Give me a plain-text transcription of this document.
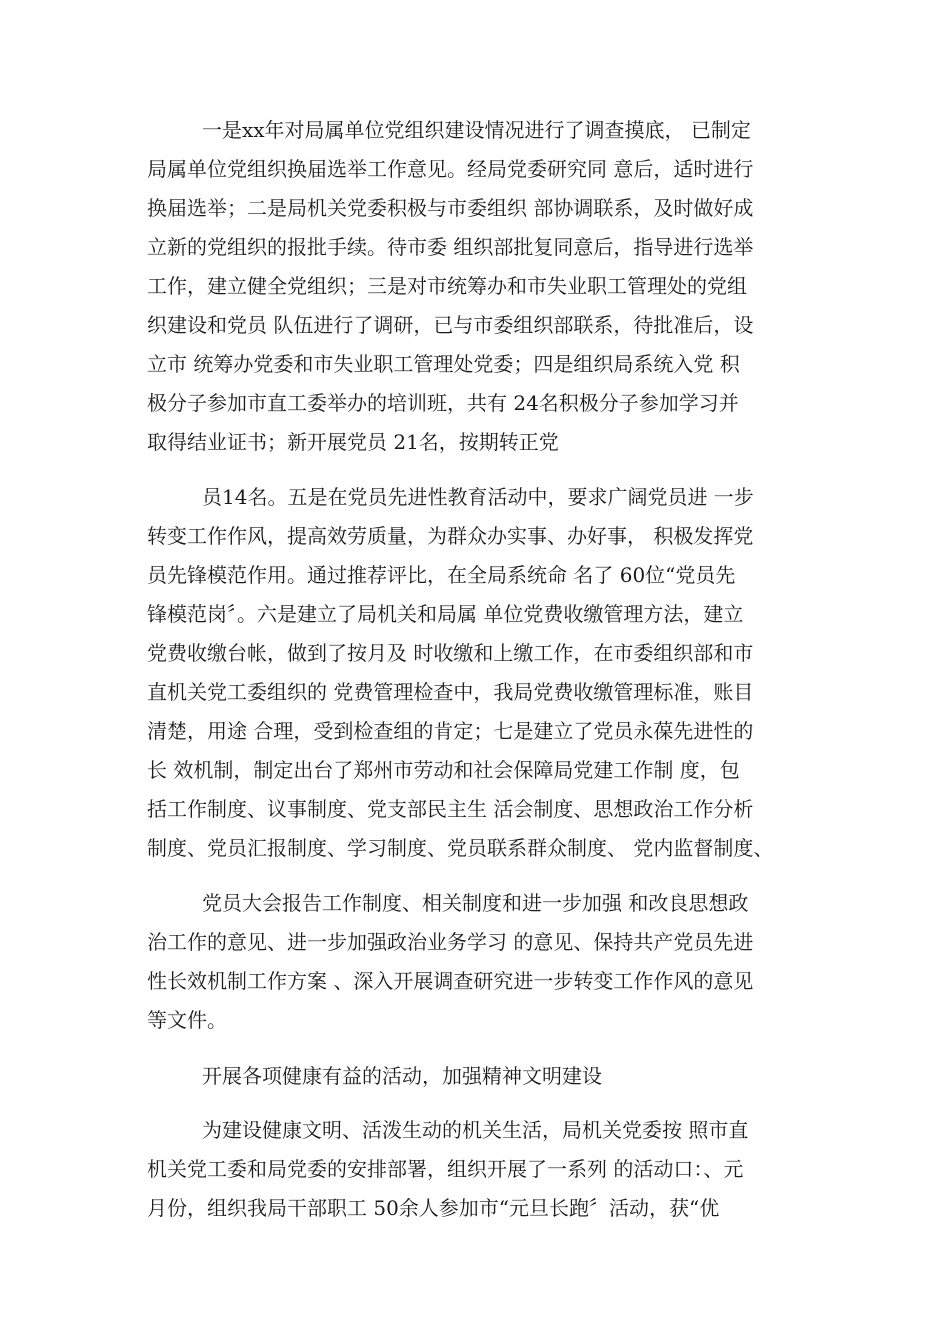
一是xx年对局属单位党组织建设情况进行了调查摸底， 已制定
局属单位党组织换届选举工作意见。经局党委研究同 意后，适时进行
换届选举；二是局机关党委积极与市委组织 部协调联系，及时做好成
立新的党组织的报批手续。待市委 组织部批复同意后，指导进行选举
工作，建立健全党组织；三是对市统筹办和市失业职工管理处的党组
织建设和党员 队伍进行了调研，已与市委组织部联系，待批准后，设
立市 统筹办党委和市失业职工管理处党委；四是组织局系统入党 积
极分子参加市直工委举办的培训班，共有 24名积极分子参加学习并
取得结业证书；新开展党员 21名，按期转正党
员14名。五是在党员先进性教育活动中，要求广阔党员进 一步
转变工作作风，提高效劳质量，为群众办实事、办好事， 积极发挥党
员先锋模范作用。通过推荐评比，在全局系统命 名了 60位“党员先
锋模范岗〞。六是建立了局机关和局属 单位党费收缴管理方法，建立
党费收缴台帐，做到了按月及 时收缴和上缴工作，在市委组织部和市
直机关党工委组织的 党费管理检查中，我局党费收缴管理标准，账目
清楚，用途 合理，受到检查组的肯定；七是建立了党员永葆先进性的
长 效机制，制定出台了郑州市劳动和社会保障局党建工作制 度，包
括工作制度、议事制度、党支部民主生 活会制度、思想政治工作分析
制度、党员汇报制度、学习制度、党员联系群众制度、 党内监督制度、
党员大会报告工作制度、相关制度和进一步加强 和改良思想政
治工作的意见、进一步加强政治业务学习 的意见、保持共产党员先进
性长效机制工作方案 、深入开展调查研究进一步转变工作作风的意见
等文件。
开展各项健康有益的活动，加强精神文明建设
为建设健康文明、活泼生动的机关生活，局机关党委按 照市直
机关党工委和局党委的安排部署，组织开展了一系列 的活动口：、元
月份，组织我局干部职工 50余人参加市“元旦长跑〞活动，获“优
